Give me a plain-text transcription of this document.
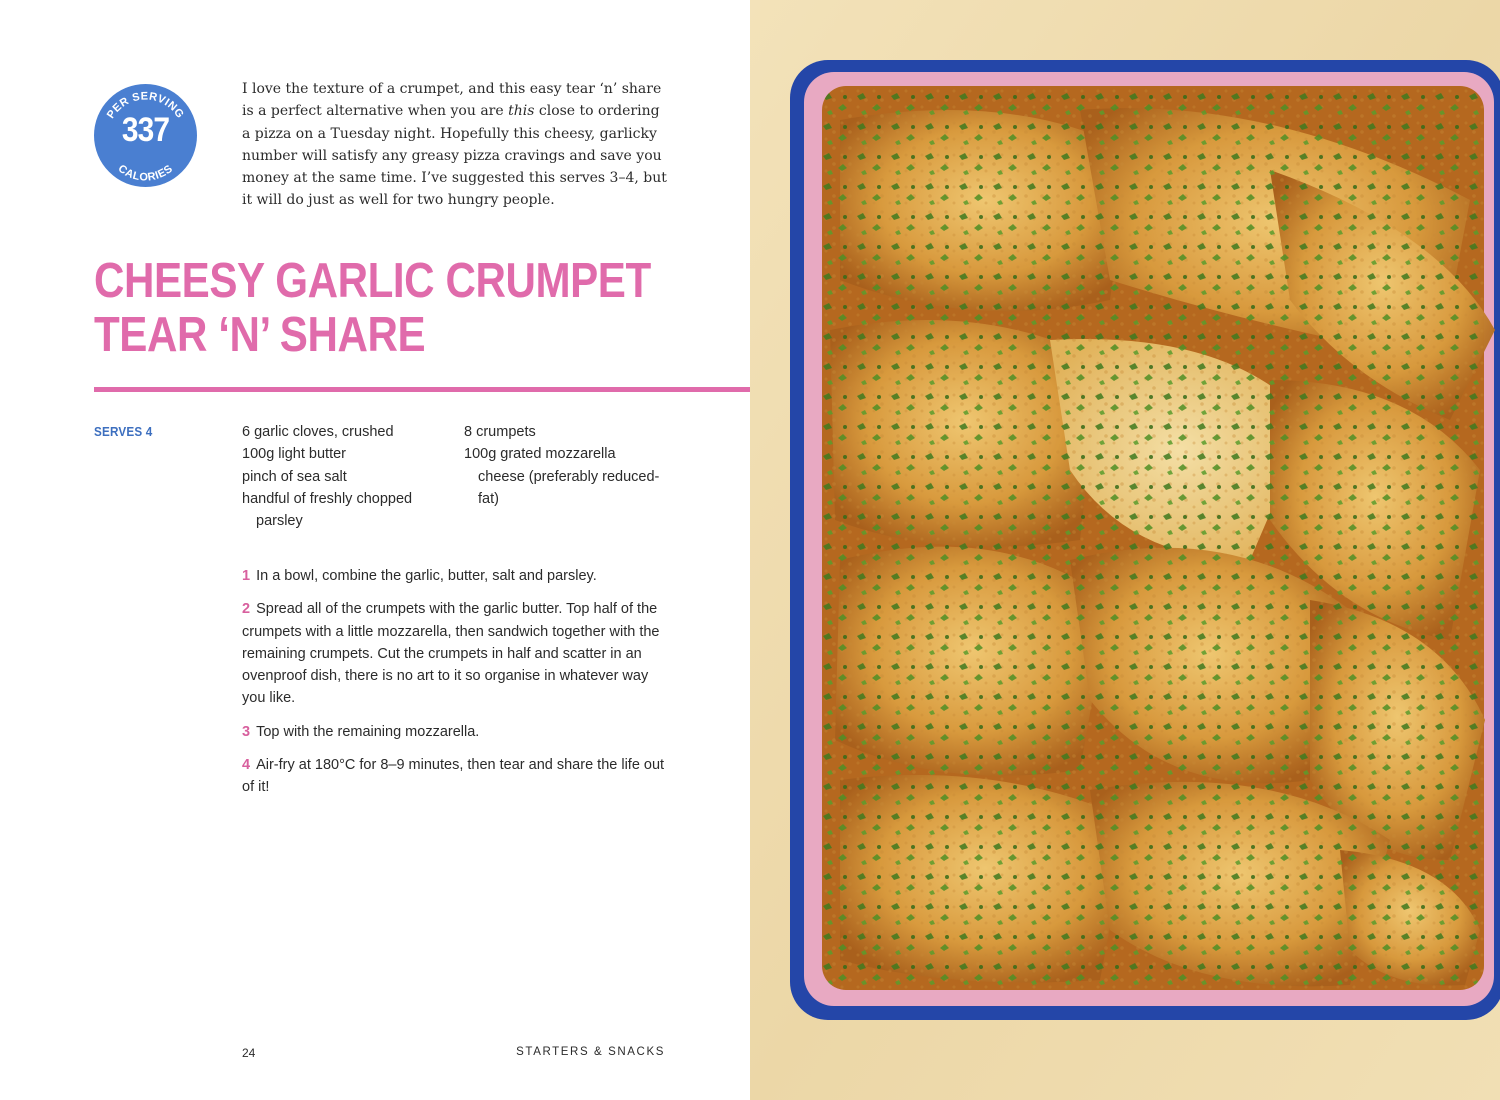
PER SERVING
CALORIES
337

I love the texture of a crumpet, and this easy tear ‘n’ share is a perfect alternative when you are this close to ordering a pizza on a Tuesday night. Hopefully this cheesy, garlicky number will satisfy any greasy pizza cravings and save you money at the same time. I’ve suggested this serves 3–4, but it will do just as well for two hungry people.

CHEESY GARLIC CRUMPET
TEAR ‘N’ SHARE
SERVES 4	6 garlic cloves, crushed
100g light butter
pinch of sea salt
handful of freshly chopped parsley
8 crumpets
100g grated mozzarella cheese (preferably reduced-fat)

1 In a bowl, combine the garlic, butter, salt and parsley.

2 Spread all of the crumpets with the garlic butter. Top half of the crumpets with a little mozzarella, then sandwich together with the remaining crumpets. Cut the crumpets in half and scatter in an ovenproof dish, there is no art to it so organise in whatever way you like.

3 Top with the remaining mozzarella.

4 Air-fry at 180°C for 8–9 minutes, then tear and share the life out of it!

24	STARTERS & SNACKS
